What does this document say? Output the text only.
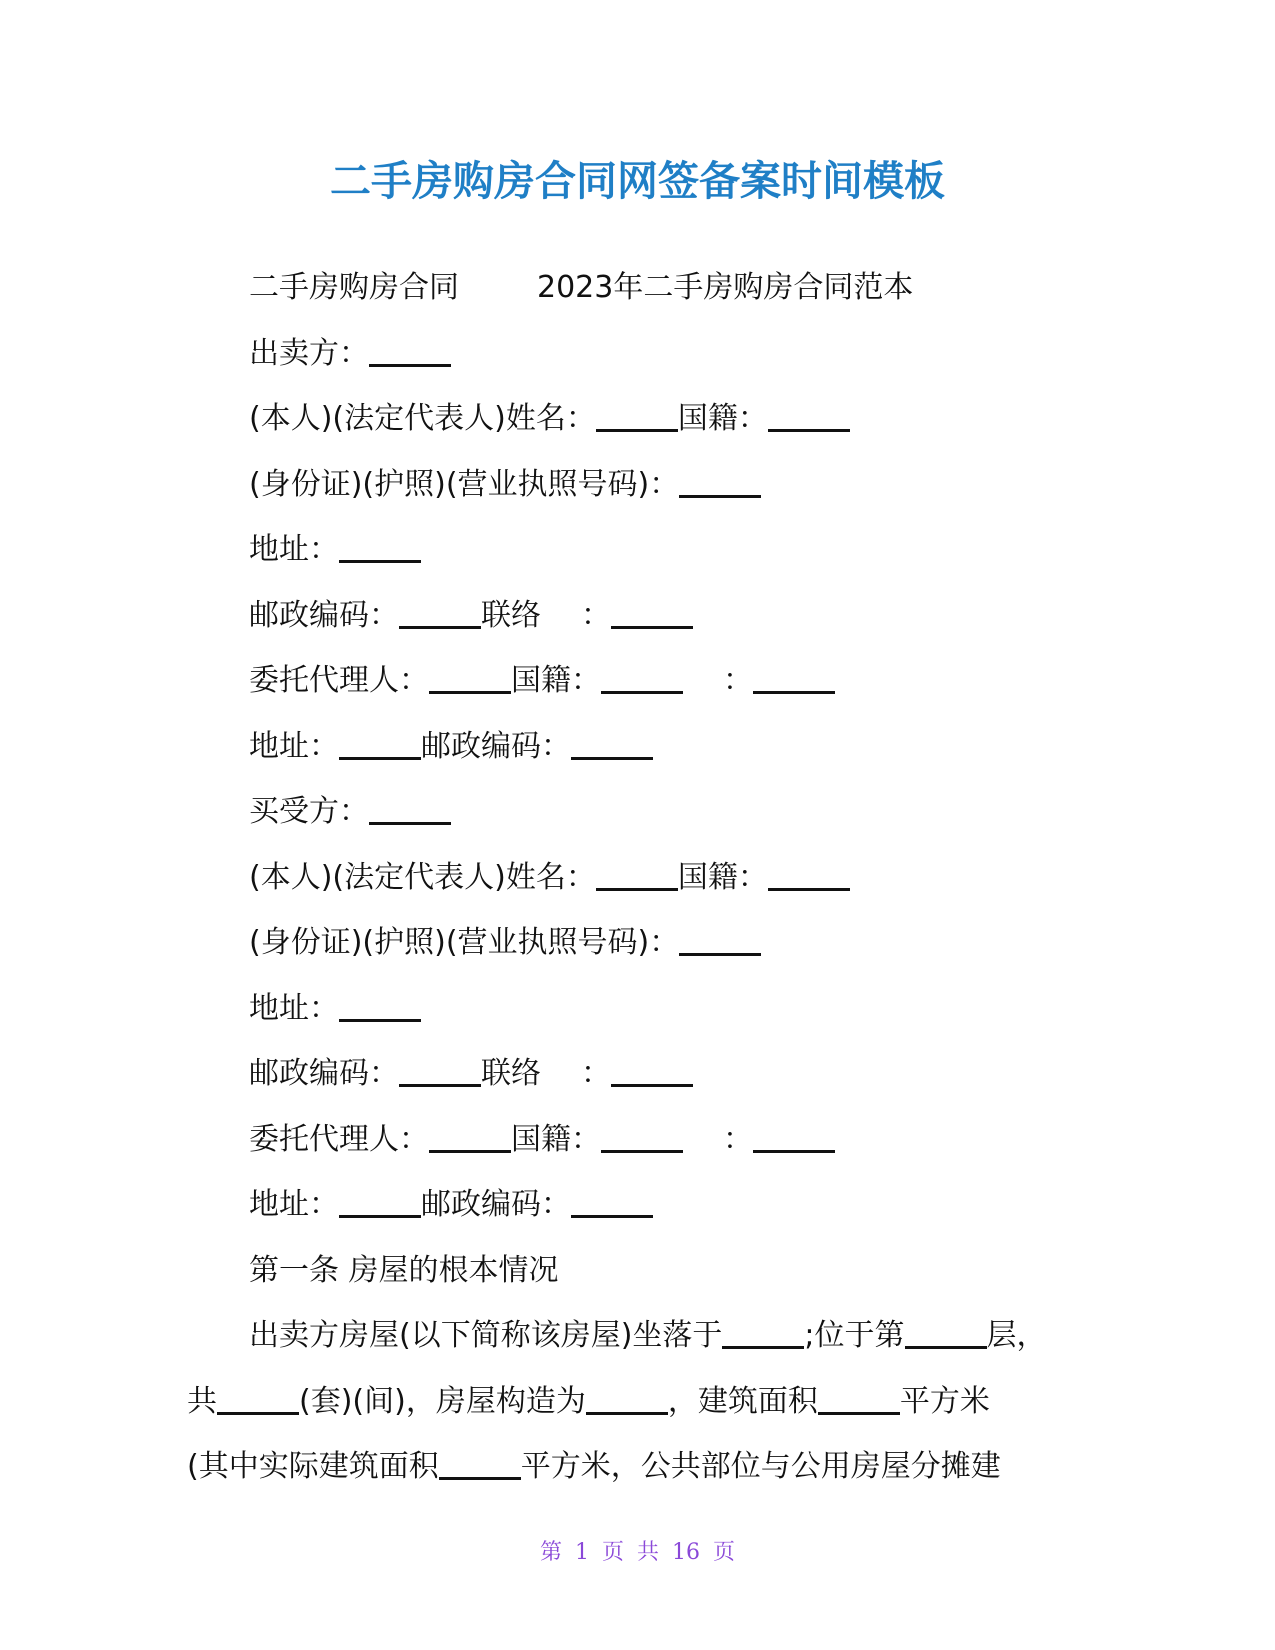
二手房购房合同网签备案时间模板
二手房购房合同	2023年二手房购房合同范本
出卖方：
(本人)(法定代表人)姓名：	国籍：
(身份证)(护照)(营业执照号码)：
地址：
邮政编码：	联络 ：
委托代理人：	国籍：	：
地址：	邮政编码：
买受方：
(本人)(法定代表人)姓名：	国籍：
(身份证)(护照)(营业执照号码)：
地址：
邮政编码：	联络 ：
委托代理人：	国籍：	：
地址：	邮政编码：
第一条 房屋的根本情况
出卖方房屋(以下简称该房屋)坐落于	;位于第	层，
共	(套)(间)，房屋构造为	，建筑面积	平方米
(其中实际建筑面积	平方米，公共部位与公用房屋分摊建
第 1 页 共 16 页
